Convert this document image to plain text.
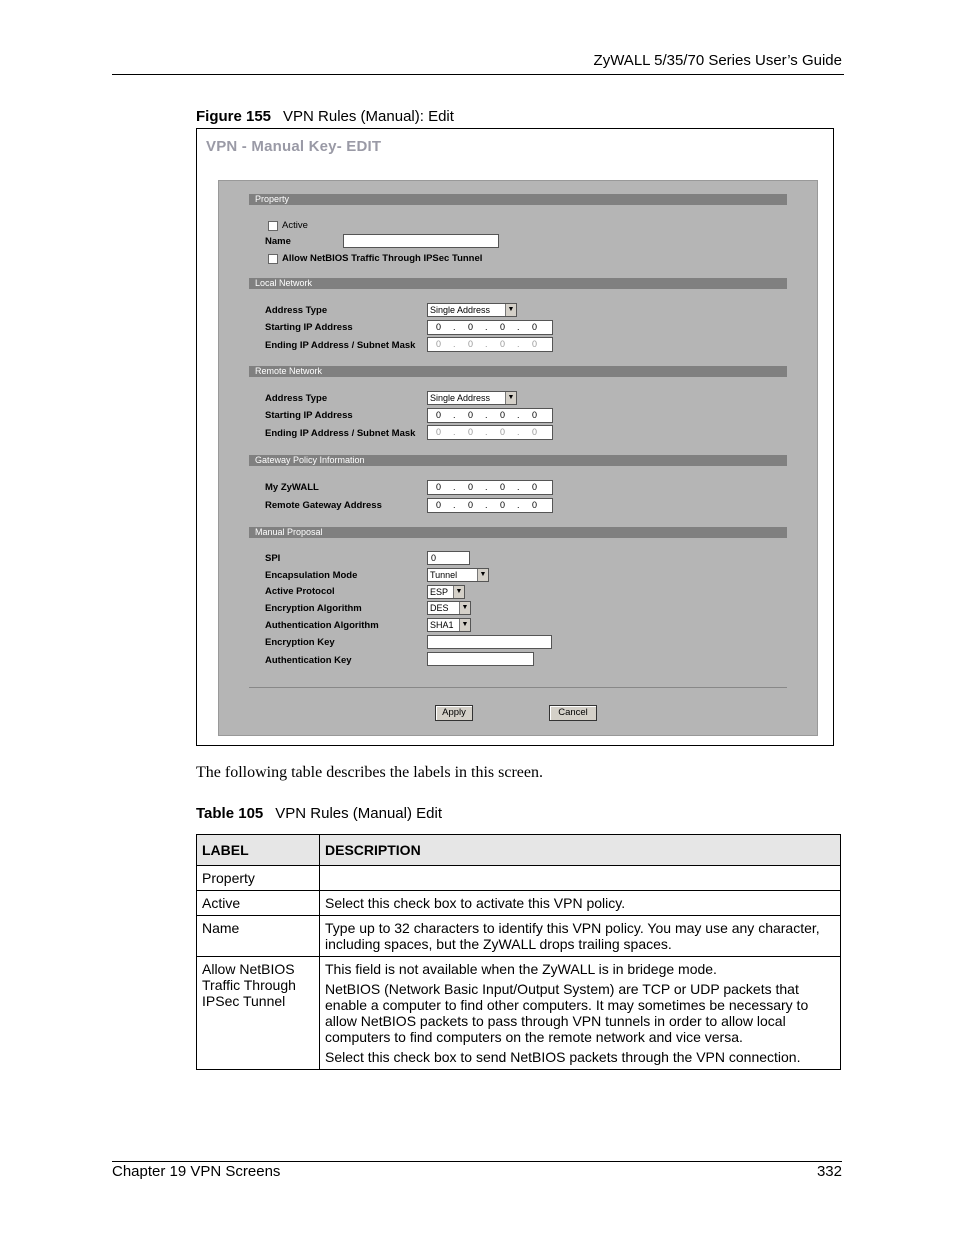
ZyWALL 5/35/70 Series User’s Guide
Figure 155 VPN Rules (Manual): Edit
VPN - Manual Key- EDIT
Property
Active
Name
Allow NetBIOS Traffic Through IPSec Tunnel
Local Network
Address Type	Single Address	▼
Starting IP Address	0 . 0 . 0 . 0
Ending IP Address / Subnet Mask 0 . 0 . 0 . 0
Remote Network
Address Type	Single Address	▼
Starting IP Address	0 . 0 . 0 . 0
Ending IP Address / Subnet Mask 0 . 0 . 0 . 0
Gateway Policy Information
My ZyWALL	0 . 0 . 0 . 0
Remote Gateway Address	0 . 0 . 0 . 0
Manual Proposal
SPI	0
Encapsulation Mode	Tunnel	▼
Active Protocol	ESP	▼
Encryption Algorithm	DES	▼
Authentication Algorithm	SHA1	▼
Encryption Key
Authentication Key
Apply	Cancel
The following table describes the labels in this screen.
Table 105 VPN Rules (Manual) Edit
LABEL	DESCRIPTION
Property	

Active	Select this check box to activate this VPN policy.

Name	Type up to 32 characters to identify this VPN policy. You may use any character, including spaces, but the ZyWALL drops trailing spaces.

Allow NetBIOS Traffic Through IPSec Tunnel	This field is not available when the ZyWALL is in bridege mode.

NetBIOS (Network Basic Input/Output System) are TCP or UDP packets that enable a computer to find other computers. It may sometimes be necessary to allow NetBIOS packets to pass through VPN tunnels in order to allow local computers to find computers on the remote network and vice versa.

Select this check box to send NetBIOS packets through the VPN connection.

Chapter 19 VPN Screens	332
